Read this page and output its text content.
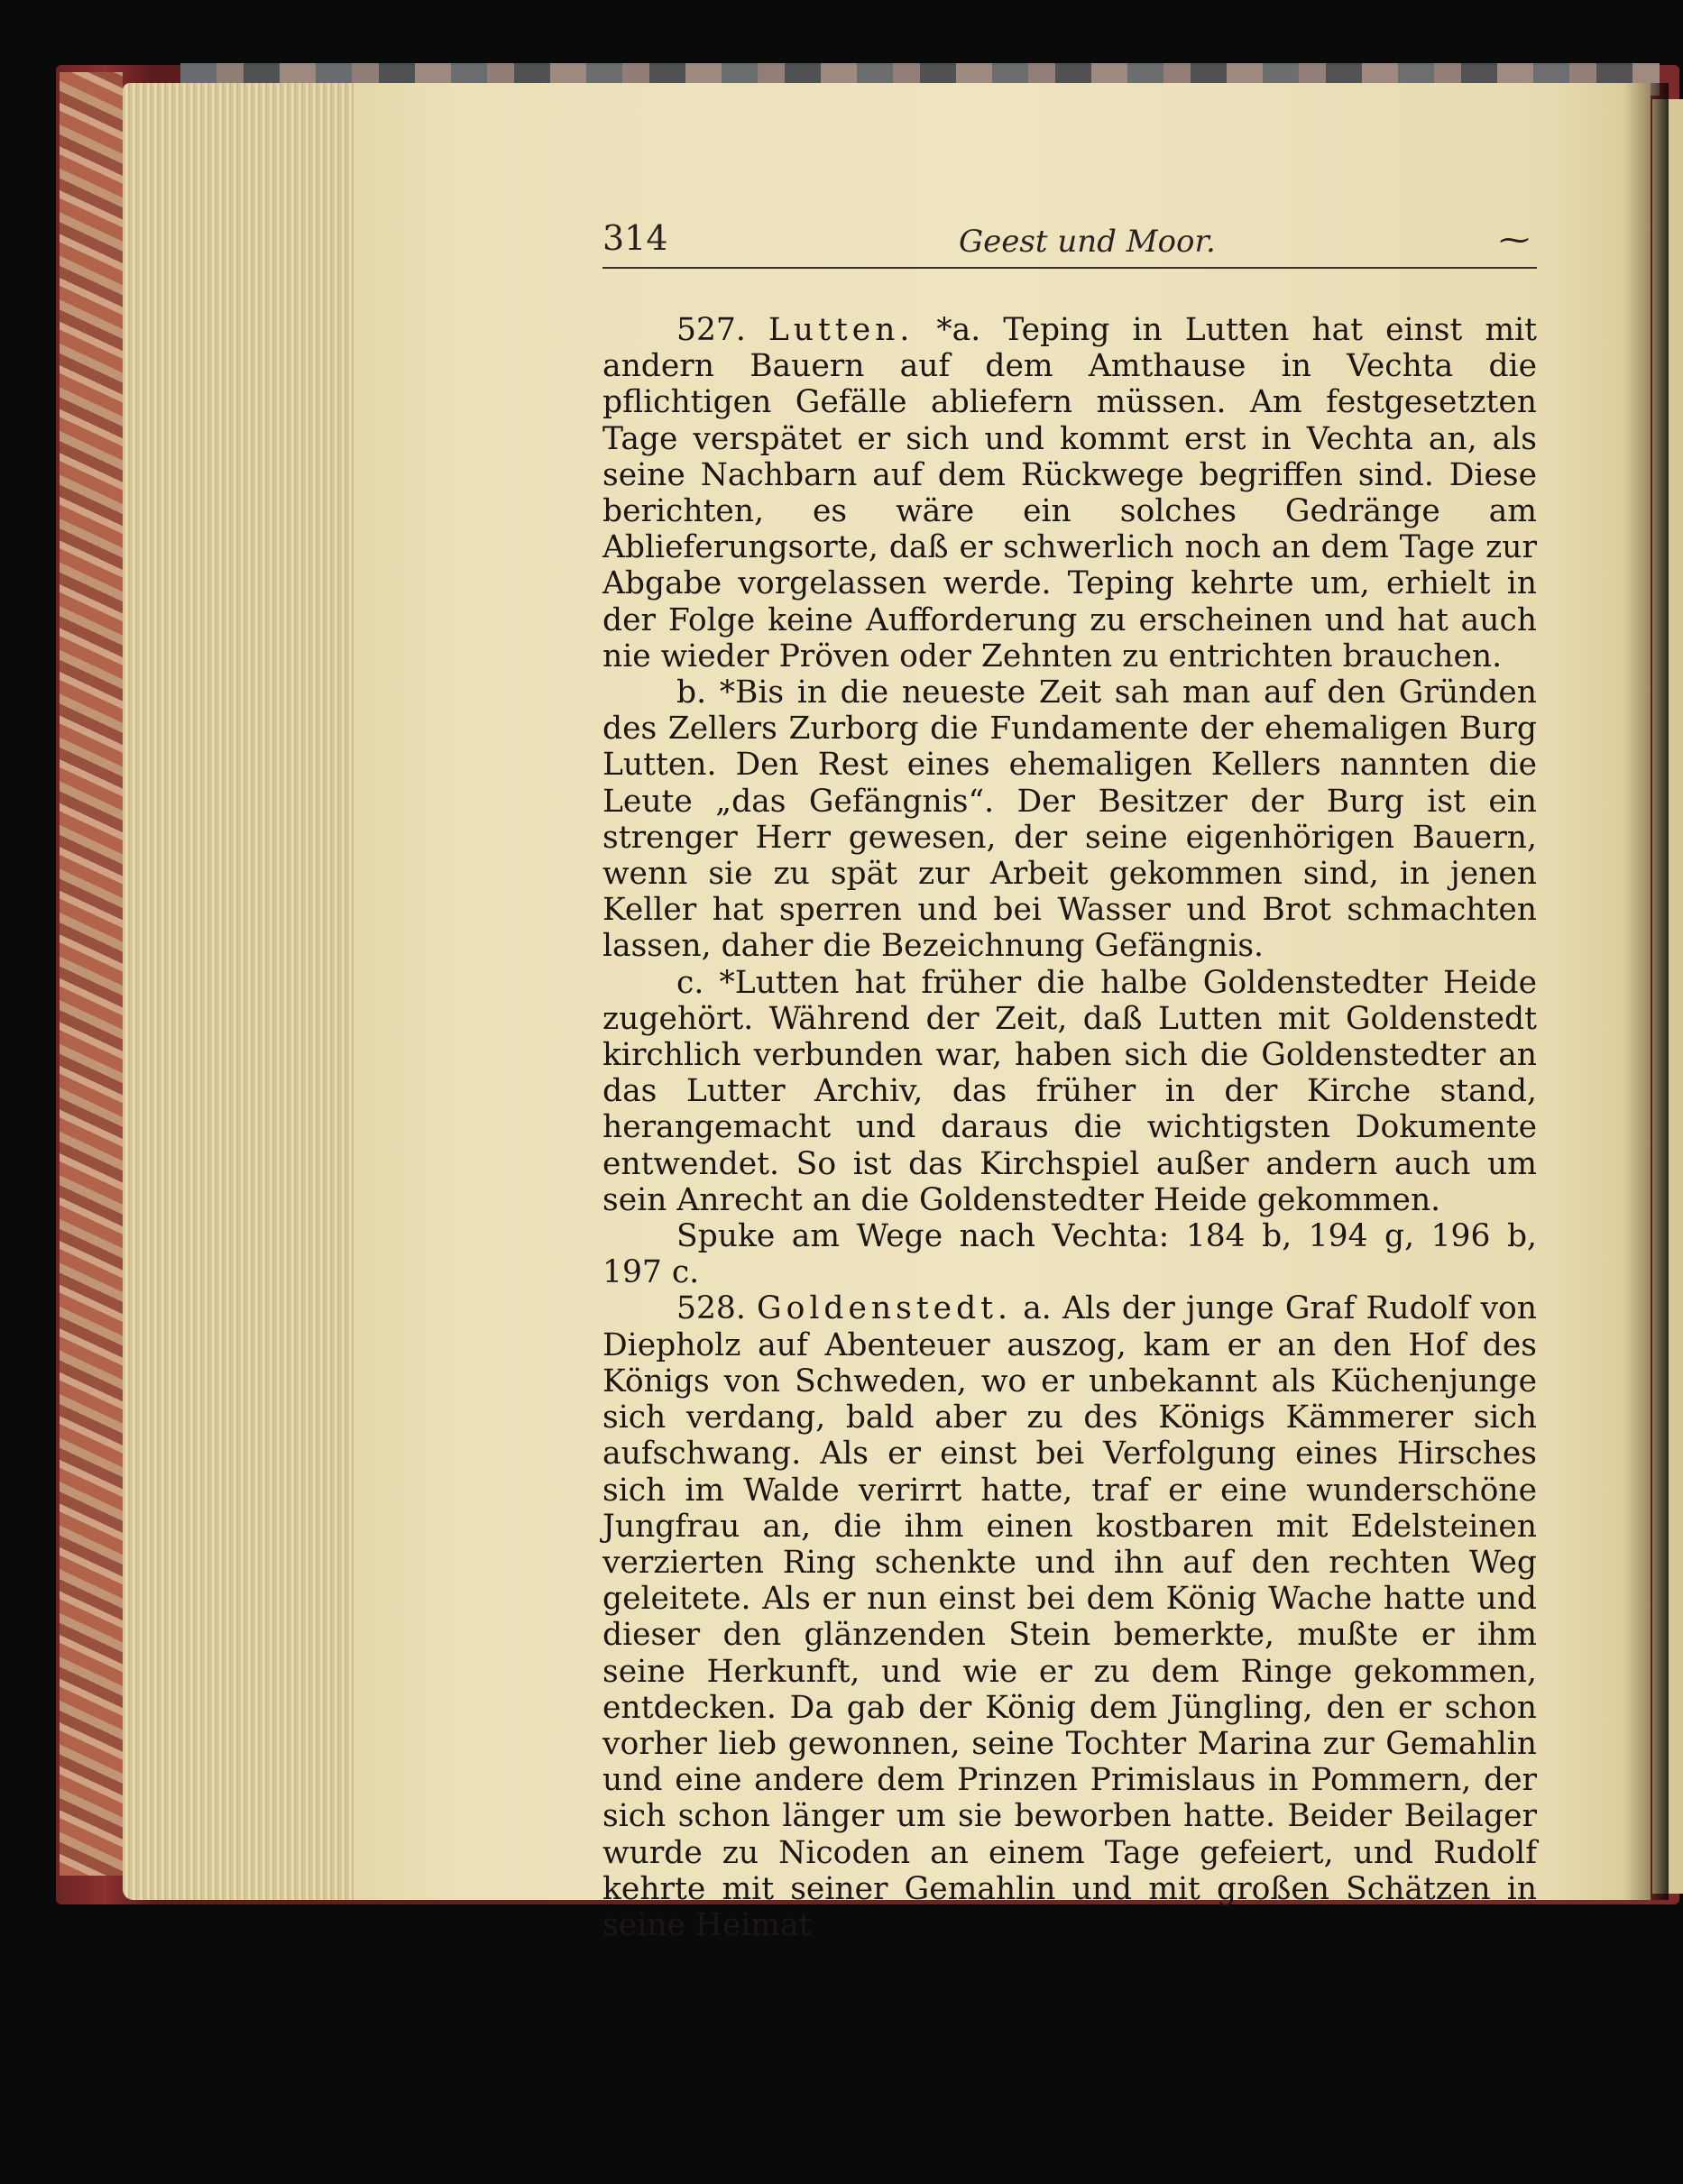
314	Geest und Moor.	⁓

527. Lutten. *a. Teping in Lutten hat einst mit andern Bauern auf dem Amthause in Vechta die pflichtigen Gefälle abliefern müssen. Am festgesetzten Tage verspätet er sich und kommt erst in Vechta an, als seine Nachbarn auf dem Rückwege begriffen sind. Diese berichten, es wäre ein solches Gedränge am Ablieferungsorte, daß er schwerlich noch an dem Tage zur Abgabe vorgelassen werde. Teping kehrte um, erhielt in der Folge keine Aufforderung zu erscheinen und hat auch nie wieder Pröven oder Zehnten zu entrichten brauchen.

b. *Bis in die neueste Zeit sah man auf den Gründen des Zellers Zurborg die Fundamente der ehemaligen Burg Lutten. Den Rest eines ehemaligen Kellers nannten die Leute „das Gefängnis“. Der Besitzer der Burg ist ein strenger Herr gewesen, der seine eigenhörigen Bauern, wenn sie zu spät zur Arbeit gekommen sind, in jenen Keller hat sperren und bei Wasser und Brot schmachten lassen, daher die Bezeichnung Gefängnis.

c. *Lutten hat früher die halbe Goldenstedter Heide zugehört. Während der Zeit, daß Lutten mit Goldenstedt kirchlich verbunden war, haben sich die Goldenstedter an das Lutter Archiv, das früher in der Kirche stand, herangemacht und daraus die wichtigsten Dokumente entwendet. So ist das Kirchspiel außer andern auch um sein Anrecht an die Goldenstedter Heide gekommen.

Spuke am Wege nach Vechta: 184 b, 194 g, 196 b, 197 c.

528. Goldenstedt. a. Als der junge Graf Rudolf von Diepholz auf Abenteuer auszog, kam er an den Hof des Königs von Schweden, wo er unbekannt als Küchenjunge sich verdang, bald aber zu des Königs Kämmerer sich aufschwang. Als er einst bei Verfolgung eines Hirsches sich im Walde verirrt hatte, traf er eine wunderschöne Jungfrau an, die ihm einen kostbaren mit Edelsteinen verzierten Ring schenkte und ihn auf den rechten Weg geleitete. Als er nun einst bei dem König Wache hatte und dieser den glänzenden Stein bemerkte, mußte er ihm seine Herkunft, und wie er zu dem Ringe gekommen, entdecken. Da gab der König dem Jüngling, den er schon vorher lieb gewonnen, seine Tochter Marina zur Gemahlin und eine andere dem Prinzen Primislaus in Pommern, der sich schon länger um sie beworben hatte. Beider Beilager wurde zu Nicoden an einem Tage gefeiert, und Rudolf kehrte mit seiner Gemahlin und mit großen Schätzen in seine Heimat
